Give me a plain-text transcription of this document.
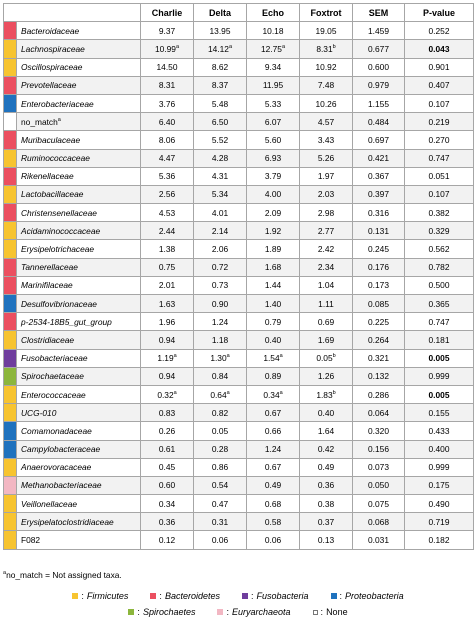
		Charlie	Delta	Echo	Foxtrot	SEM	P-value
	Bacteroidaceae	9.37	13.95	10.18	19.05	1.459	0.252
	Lachnospiraceae	10.99$^a$	14.12$^a$	12.75$^a$	8.31$^b$	0.677	0.043
	Oscillospiraceae	14.50	8.62	9.34	10.92	0.600	0.901
	Prevotellaceae	8.31	8.37	11.95	7.48	0.979	0.407
	Enterobacteriaceae	3.76	5.48	5.33	10.26	1.155	0.107
	no_match$^a$	6.40	6.50	6.07	4.57	0.484	0.219
	Muribaculaceae	8.06	5.52	5.60	3.43	0.697	0.270
	Ruminococcaceae	4.47	4.28	6.93	5.26	0.421	0.747
	Rikenellaceae	5.36	4.31	3.79	1.97	0.367	0.051
	Lactobacillaceae	2.56	5.34	4.00	2.03	0.397	0.107
	Christensenellaceae	4.53	4.01	2.09	2.98	0.316	0.382
	Acidaminococcaceae	2.44	2.14	1.92	2.77	0.131	0.329
	Erysipelotrichaceae	1.38	2.06	1.89	2.42	0.245	0.562
	Tannerellaceae	0.75	0.72	1.68	2.34	0.176	0.782
	Marinifilaceae	2.01	0.73	1.44	1.04	0.173	0.500
	Desulfovibrionaceae	1.63	0.90	1.40	1.11	0.085	0.365
	p-2534-18B5_gut_group	1.96	1.24	0.79	0.69	0.225	0.747
	Clostridiaceae	0.94	1.18	0.40	1.69	0.264	0.181
	Fusobacteriaceae	1.19$^a$	1.30$^a$	1.54$^a$	0.05$^b$	0.321	0.005
	Spirochaetaceae	0.94	0.84	0.89	1.26	0.132	0.999
	Enterococcaceae	0.32$^a$	0.64$^a$	0.34$^a$	1.83$^b$	0.286	0.005
	UCG-010	0.83	0.82	0.67	0.40	0.064	0.155
	Comamonadaceae	0.26	0.05	0.66	1.64	0.320	0.433
	Campylobacteraceae	0.61	0.28	1.24	0.42	0.156	0.400
	Anaerovoracaceae	0.45	0.86	0.67	0.49	0.073	0.999
	Methanobacteriaceae	0.60	0.54	0.49	0.36	0.050	0.175
	Veillonellaceae	0.34	0.47	0.68	0.38	0.075	0.490
	Erysipelatoclostridiaceae	0.36	0.31	0.58	0.37	0.068	0.719
	F082	0.12	0.06	0.06	0.13	0.031	0.182
$^a$no_match = Not assigned taxa.
: Firmicutes	: Bacteroidetes	: Fusobacteria	: Proteobacteria
: Spirochaetes	: Euryarchaeota	: None
